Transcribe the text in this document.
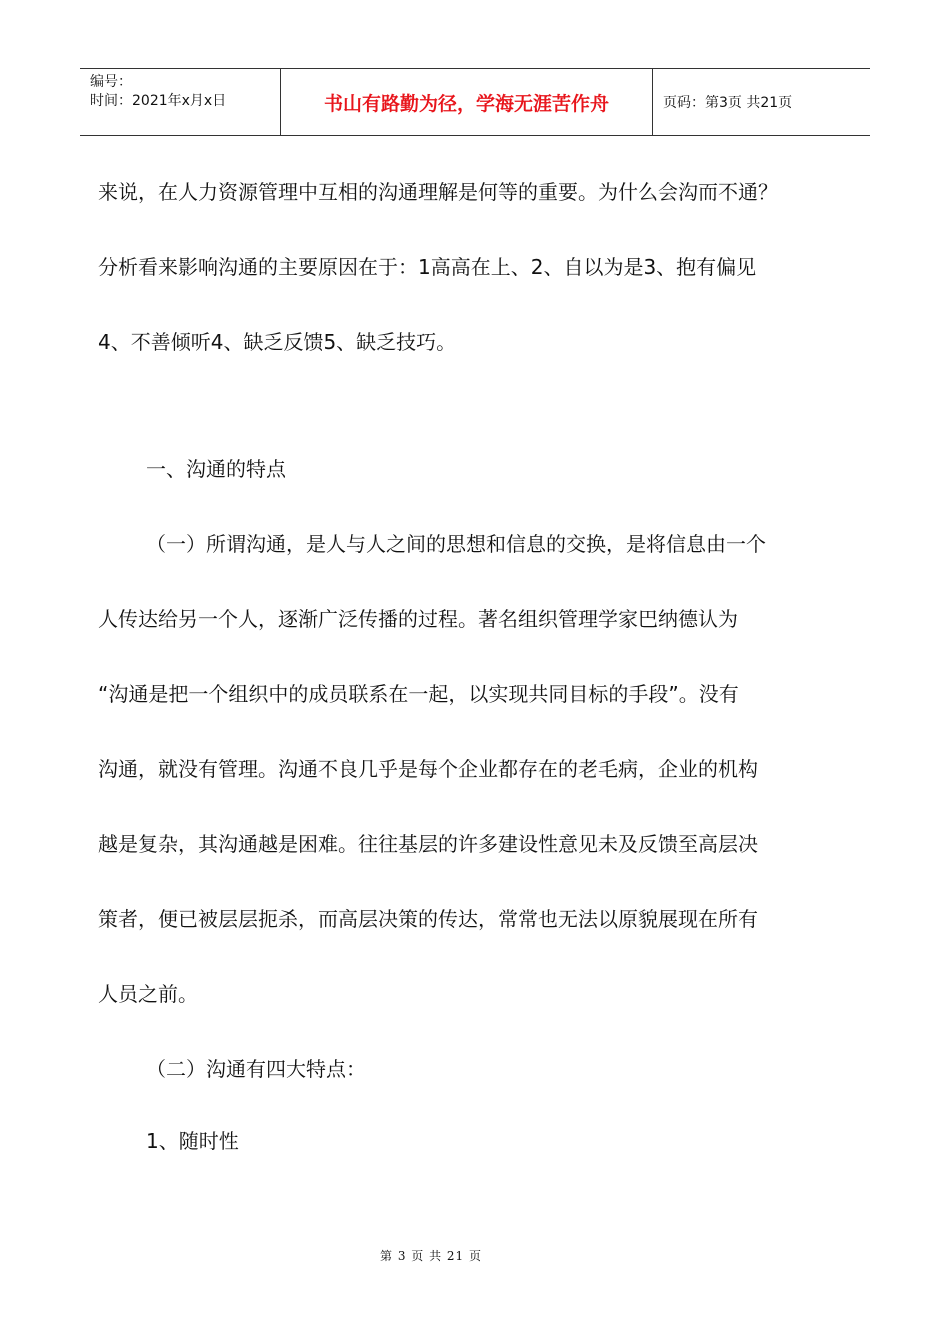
编号：
时间：2021年x月x日	书山有路勤为径，学海无涯苦作舟	页码：第3页 共21页
来说，在人力资源管理中互相的沟通理解是何等的重要。为什么会沟而不通？
分析看来影响沟通的主要原因在于：1高高在上、2、自以为是3、抱有偏见
4、不善倾听4、缺乏反馈5、缺乏技巧。
一、沟通的特点
（一）所谓沟通，是人与人之间的思想和信息的交换，是将信息由一个
人传达给另一个人，逐渐广泛传播的过程。著名组织管理学家巴纳德认为
“沟通是把一个组织中的成员联系在一起，以实现共同目标的手段”。没有
沟通，就没有管理。沟通不良几乎是每个企业都存在的老毛病，企业的机构
越是复杂，其沟通越是困难。往往基层的许多建设性意见未及反馈至高层决
策者，便已被层层扼杀，而高层决策的传达，常常也无法以原貌展现在所有
人员之前。
（二）沟通有四大特点：
1、随时性
第 3 页 共 21 页
